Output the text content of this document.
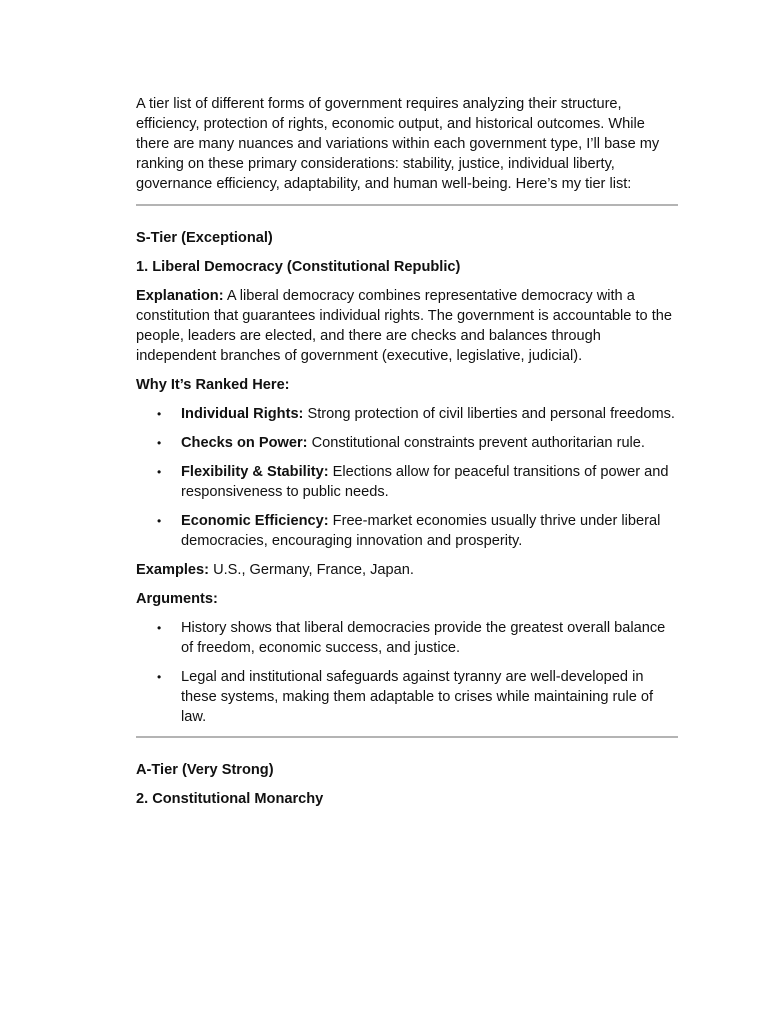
A tier list of different forms of government requires analyzing their structure, efficiency, protection of rights, economic output, and historical outcomes. While there are many nuances and variations within each government type, I’ll base my ranking on these primary considerations: stability, justice, individual liberty, governance efficiency, adaptability, and human well-being. Here’s my tier list:

S-Tier (Exceptional)

1. Liberal Democracy (Constitutional Republic)

Explanation: A liberal democracy combines representative democracy with a constitution that guarantees individual rights. The government is accountable to the people, leaders are elected, and there are checks and balances through independent branches of government (executive, legislative, judicial).

Why It’s Ranked Here:

• Individual Rights: Strong protection of civil liberties and personal freedoms.
• Checks on Power: Constitutional constraints prevent authoritarian rule.
• Flexibility & Stability: Elections allow for peaceful transitions of power and responsiveness to public needs.
• Economic Efficiency: Free-market economies usually thrive under liberal democracies, encouraging innovation and prosperity.

Examples: U.S., Germany, France, Japan.

Arguments:

• History shows that liberal democracies provide the greatest overall balance of freedom, economic success, and justice.
• Legal and institutional safeguards against tyranny are well-developed in these systems, making them adaptable to crises while maintaining rule of law.

A-Tier (Very Strong)

2. Constitutional Monarchy
